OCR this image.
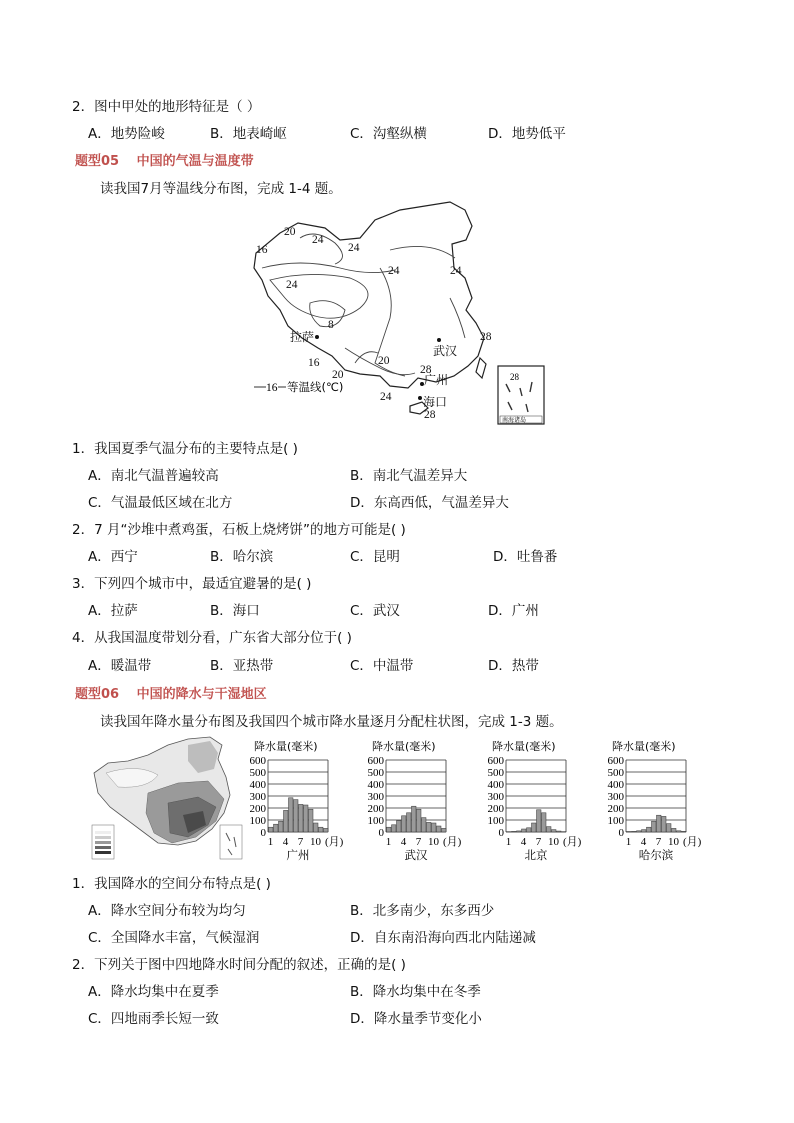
2．图中甲处的地形特征是（ ）
A．地势险峻	B．地表崎岖	C．沟壑纵横	D．地势低平
题型05　 中国的气温与温度带
读我国7月等温线分布图，完成 1-4 题。
20
24
24
16
24	24
24
8
28
16	20
20	28
24
28
拉萨
武汉
广州
海口
16 等温线(℃)
28
南海诸岛
1．我国夏季气温分布的主要特点是( )
A．南北气温普遍较高	B．南北气温差异大
C．气温最低区域在北方	D．东高西低，气温差异大
2．7 月“沙堆中煮鸡蛋，石板上烧烤饼”的地方可能是( )
A．西宁	B．哈尔滨	C．昆明	D．吐鲁番
3．下列四个城市中，最适宜避暑的是( )
A．拉萨	B．海口	C．武汉	D．广州
4．从我国温度带划分看，广东省大部分位于( )
A．暖温带	B．亚热带	C．中温带	D．热带
题型06　 中国的降水与干湿地区
读我国年降水量分布图及我国四个城市降水量逐月分配柱状图，完成 1-3 题。
降水量(毫米)
600
500
400
300
200
100
0
1 4 7 10 (月)
广州
降水量(毫米)
600
500
400
300
200
100
0
1 4 7 10 (月)
武汉
降水量(毫米)
600
500
400
300
200
100
0
1 4 7 10 (月)
北京
降水量(毫米)
600
500
400
300
200
100
0
1 4 7 10 (月)
哈尔滨
1．我国降水的空间分布特点是( )
A．降水空间分布较为均匀	B．北多南少，东多西少
C．全国降水丰富，气候湿润	D．自东南沿海向西北内陆递减
2．下列关于图中四地降水时间分配的叙述，正确的是( )
A．降水均集中在夏季	B．降水均集中在冬季
C．四地雨季长短一致	D．降水量季节变化小
